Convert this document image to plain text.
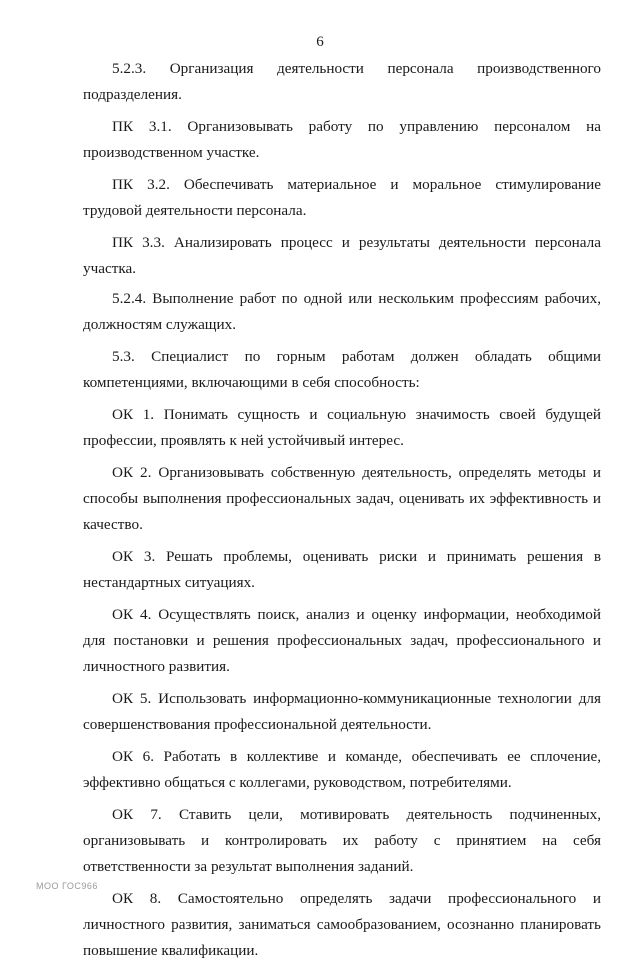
6

5.2.3. Организация деятельности персонала производственного подразделения.

ПК 3.1. Организовывать работу по управлению персоналом на производственном участке.

ПК 3.2. Обеспечивать материальное и моральное стимулирование трудовой деятельности персонала.

ПК 3.3. Анализировать процесс и результаты деятельности персонала участка.

5.2.4. Выполнение работ по одной или нескольким профессиям рабочих, должностям служащих.

5.3. Специалист по горным работам должен обладать общими компетенциями, включающими в себя способность:

ОК 1. Понимать сущность и социальную значимость своей будущей профессии, проявлять к ней устойчивый интерес.

ОК 2. Организовывать собственную деятельность, определять методы и способы выполнения профессиональных задач, оценивать их эффективность и качество.

ОК 3. Решать проблемы, оценивать риски и принимать решения в нестандартных ситуациях.

ОК 4. Осуществлять поиск, анализ и оценку информации, необходимой для постановки и решения профессиональных задач, профессионального и личностного развития.

ОК 5. Использовать информационно-коммуникационные технологии для совершенствования профессиональной деятельности.

ОК 6. Работать в коллективе и команде, обеспечивать ее сплочение, эффективно общаться с коллегами, руководством, потребителями.

ОК 7. Ставить цели, мотивировать деятельность подчиненных, организовывать и контролировать их работу с принятием на себя ответственности за результат выполнения заданий.

ОК 8. Самостоятельно определять задачи профессионального и личностного развития, заниматься самообразованием, осознанно планировать повышение квалификации.

МОО ГОС966
